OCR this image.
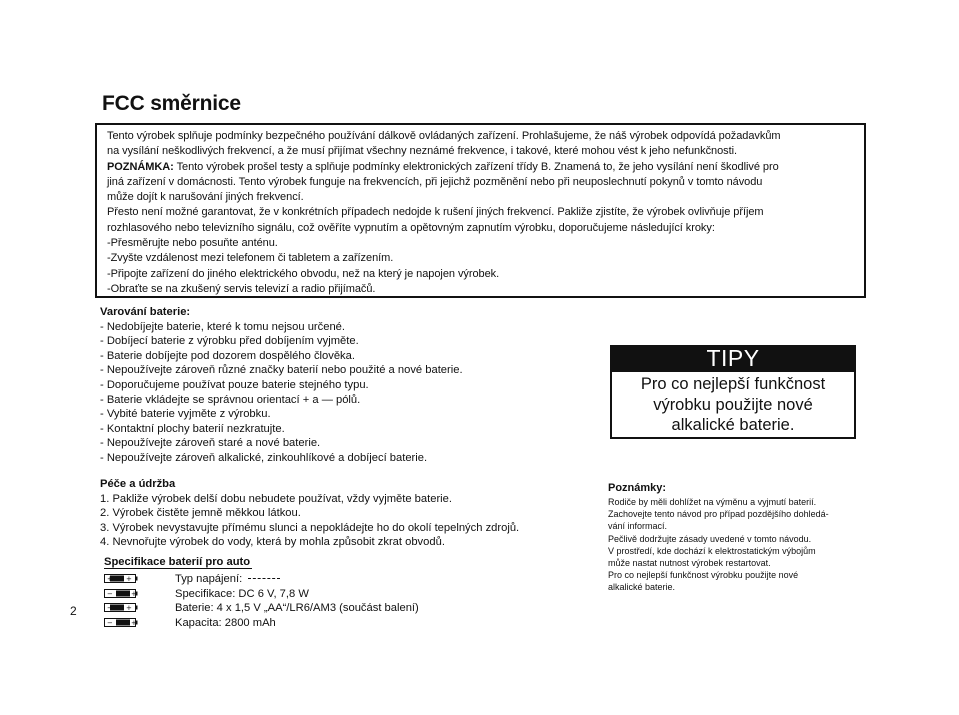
FCC směrnice
Tento výrobek splňuje podmínky bezpečného používání dálkově ovládaných zařízení. Prohlašujeme, že náš výrobek odpovídá požadavkům
na vysílání neškodlivých frekvencí, a že musí přijímat všechny neznámé frekvence, i takové, které mohou vést k jeho nefunkčnosti.
POZNÁMKA: Tento výrobek prošel testy a splňuje podmínky elektronických zařízení třídy B. Znamená to, že jeho vysílání není škodlivé pro
jiná zařízení v domácnosti. Tento výrobek funguje na frekvencích, při jejichž pozměnění nebo při neuposlechnutí pokynů v tomto návodu
může dojít k narušování jiných frekvencí.
Přesto není možné garantovat, že v konkrétních případech nedojde k rušení jiných frekvencí. Pakliže zjistíte, že výrobek ovlivňuje příjem
rozhlasového nebo televizního signálu, což ověříte vypnutím a opětovným zapnutím výrobku, doporučujeme následující kroky:
-Přesměrujte nebo posuňte anténu.
-Zvyšte vzdálenost mezi telefonem či tabletem a zařízením.
-Připojte zařízení do jiného elektrického obvodu, než na který je napojen výrobek.
-Obraťte se na zkušený servis televizí a radio přijímačů.
Varování baterie:
- Nedobíjejte baterie, které k tomu nejsou určené.
- Dobíjecí baterie z výrobku před dobíjením vyjměte.
- Baterie dobíjejte pod dozorem dospělého člověka.
- Nepoužívejte zároveň různé značky baterií nebo použité a nové baterie.
- Doporučujeme používat pouze baterie stejného typu.
- Baterie vkládejte se správnou orientací + a — pólů.
- Vybité baterie vyjměte z výrobku.
- Kontaktní plochy baterií nezkratujte.
- Nepoužívejte zároveň staré a nové baterie.
- Nepoužívejte zároveň alkalické, zinkouhlíkové a dobíjecí baterie.
TIPY
Pro co nejlepší funkčnost
výrobku použijte nové
alkalické baterie.
Péče a údržba
1. Pakliže výrobek delší dobu nebudete používat, vždy vyjměte baterie.
2. Výrobek čistěte jemně měkkou látkou.
3. Výrobek nevystavujte přímému slunci a nepokládejte ho do okolí tepelných zdrojů.
4. Nevnořujte výrobek do vody, která by mohla způsobit zkrat obvodů.
Specifikace baterií pro auto
+ +	Typ napájení:
−	+	Specifikace: DC 6 V, 7,8 W
− +	Baterie: 4 x 1,5 V „AA“/LR6/AM3 (součást balení)
−	+	Kapacita: 2800 mAh
2
Poznámky:
Rodiče by měli dohlížet na výměnu a vyjmutí baterií.
Zachovejte tento návod pro případ pozdějšího dohledá-
vání informací.
Pečlivě dodržujte zásady uvedené v tomto návodu.
V prostředí, kde dochází k elektrostatickým výbojům
může nastat nutnost výrobek restartovat.
Pro co nejlepší funkčnost výrobku použijte nové
alkalické baterie.
